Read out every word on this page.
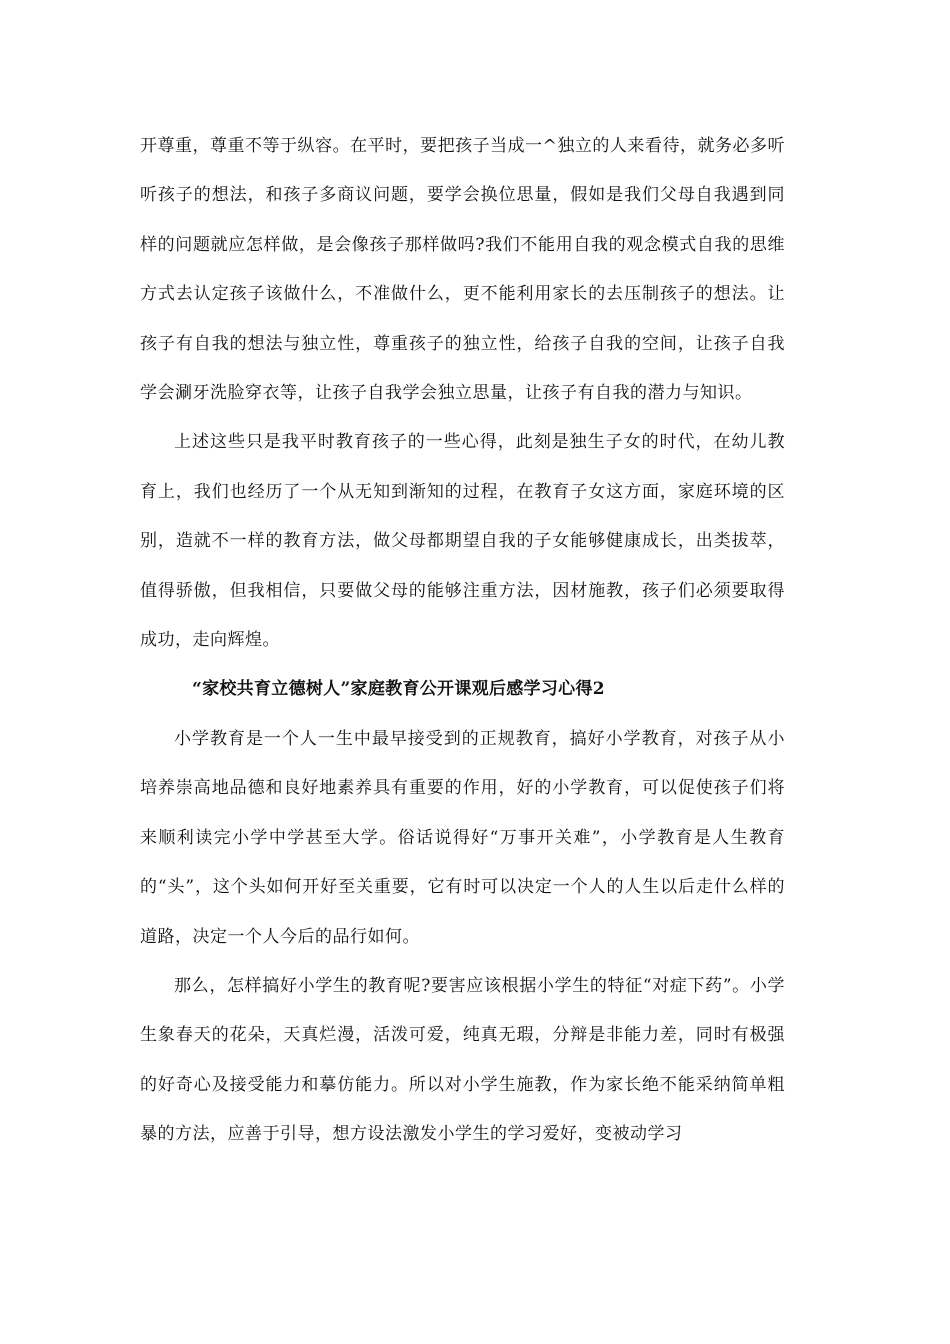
开尊重，尊重不等于纵容。在平时，要把孩子当成一^独立的人来看待，就务必多听听孩子的想法，和孩子多商议问题，要学会换位思量，假如是我们父母自我遇到同样的问题就应怎样做，是会像孩子那样做吗?我们不能用自我的观念模式自我的思维方式去认定孩子该做什么，不准做什么，更不能利用家长的去压制孩子的想法。让孩子有自我的想法与独立性，尊重孩子的独立性，给孩子自我的空间，让孩子自我学会涮牙洗脸穿衣等，让孩子自我学会独立思量，让孩子有自我的潜力与知识。

上述这些只是我平时教育孩子的一些心得，此刻是独生子女的时代，在幼儿教育上，我们也经历了一个从无知到渐知的过程，在教育子女这方面，家庭环境的区别，造就不一样的教育方法，做父母都期望自我的子女能够健康成长，出类拔萃，值得骄傲，但我相信，只要做父母的能够注重方法，因材施教，孩子们必须要取得成功，走向辉煌。

“家校共育立德树人”家庭教育公开课观后感学习心得2

小学教育是一个人一生中最早接受到的正规教育，搞好小学教育，对孩子从小培养崇高地品德和良好地素养具有重要的作用，好的小学教育，可以促使孩子们将来顺利读完小学中学甚至大学。俗话说得好“万事开关难”，小学教育是人生教育的“头”，这个头如何开好至关重要，它有时可以决定一个人的人生以后走什么样的道路，决定一个人今后的品行如何。

那么，怎样搞好小学生的教育呢?要害应该根据小学生的特征“对症下药”。小学生象春天的花朵，天真烂漫，活泼可爱，纯真无瑕，分辩是非能力差，同时有极强的好奇心及接受能力和摹仿能力。所以对小学生施教，作为家长绝不能采纳简单粗暴的方法，应善于引导，想方设法激发小学生的学习爱好，变被动学习
